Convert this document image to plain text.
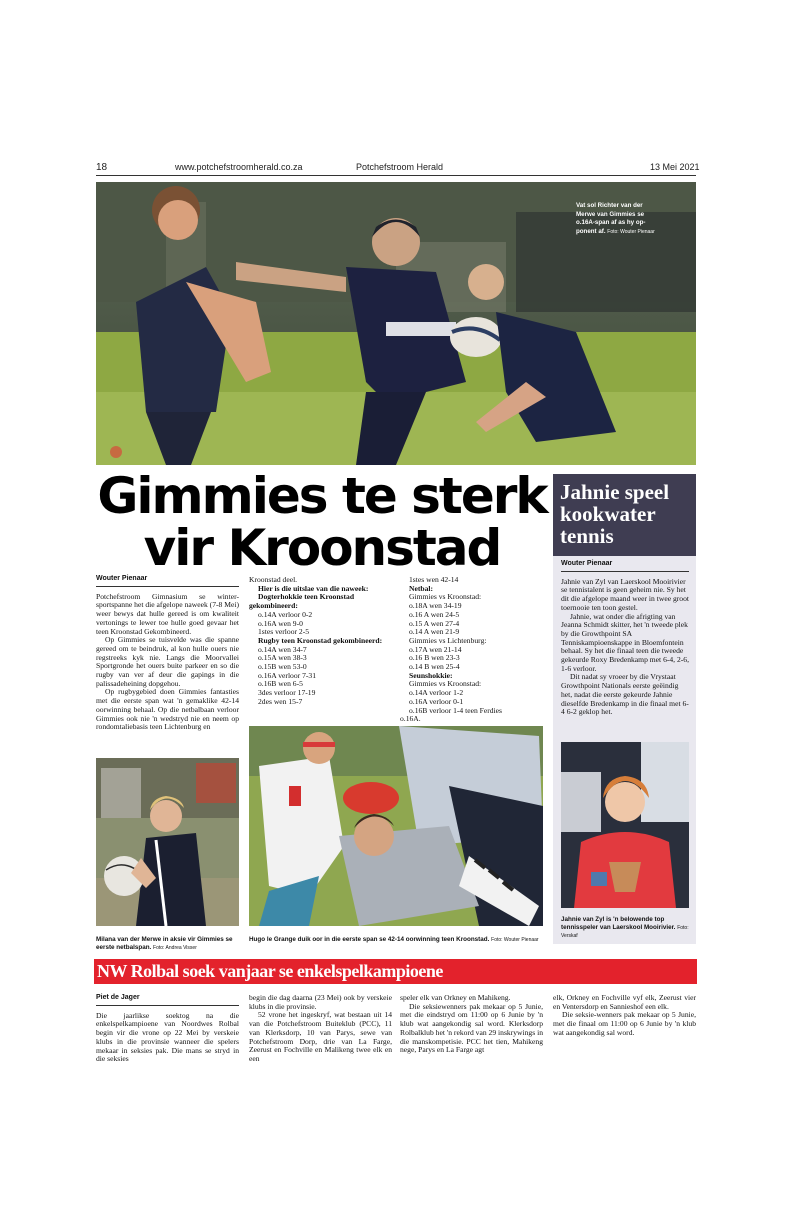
18	www.potchefstroomherald.co.za	Potchefstroom Herald	13 Mei 2021
Vat sol Richter van der
Merwe van Gimmies se
o.16A-span af as hy op-
ponent af. Foto: Wouter Pienaar
Gimmies te sterk
vir Kroonstad
Wouter Pienaar

Potchefstroom Gimnasium se winter-sportspanne het die afgelope naweek (7-8 Mei) weer bewys dat hulle gereed is om kwaliteit vertonings te lewer toe hulle goed gevaar het teen Kroonstad Gekombineerd.

Op Gimmies se tuisvelde was die spanne gereed om te beindruk, al kon hulle ouers nie regstreeks kyk nie. Langs die Moorvallei Sportgronde het ouers buite parkeer en so die rugby van ver af deur die gapings in die palissadeheining dopgehou.

Op rugbygebied doen Gimmies fantasties met die eerste span wat 'n gemaklike 42-14 oorwinning behaal. Op die netbalbaan verloor Gimmies ook nie 'n wedstryd nie en neem op rondomtaliebasis teen Lichtenburg en

Kroonstad deel.

Hier is die uitslae van die naweek:

Dogterhokkie teen Kroonstad gekombineerd:

o.14A verloor 0-2

o.16A wen 9-0

1stes verloor 2-5

Rugby teen Kroonstad gekombineerd:

o.14A wen 34-7

o.15A wen 38-3

o.15B wen 53-0

o.16A verloor 7-31

o.16B wen 6-5

3des verloor 17-19

2des wen 15-7

1stes wen 42-14

Netbal:

Gimmies vs Kroonstad:

o.18A wen 34-19

o.16 A wen 24-5

o.15 A wen 27-4

o.14 A wen 21-9

Gimmies vs Lichtenburg:

o.17A wen 21-14

o.16 B wen 23-3

o.14 B wen 25-4

Seunshokkie:

Gimmies vs Kroonstad:

o.14A verloor 1-2

o.16A verloor 0-1

o.16B verloor 1-4 teen Ferdies

o.16A.

Milana van der Merwe in aksie vir Gimmies se eerste netbalspan. Foto: Andrea Visser
Hugo le Grange duik oor in die eerste span se 42-14 oorwinning teen Kroonstad. Foto: Wouter Pienaar
Jahnie speel
kookwater
tennis
Wouter Pienaar

Jahnie van Zyl van Laerskool Mooirivier se tennistalent is geen geheim nie. Sy het dit die afgelope maand weer in twee groot toernooie ten toon gestel.

Jahnie, wat onder die afrigting van Jeanna Schmidt skitter, het 'n tweede plek by die Growthpoint SA Tenniskampioenskappe in Bloemfontein behaal. Sy het die finaal teen die tweede gekeurde Roxy Bredenkamp met 6-4, 2-6, 1-6 verloor.

Dit nadat sy vroeer by die Vrystaat Growthpoint Nationals eerste geëindig het, nadat die eerste gekeurde Jahnie dieselfde Bredenkamp in die finaal met 6-4 6-2 geklop het.

Jahnie van Zyl is 'n belowende top tennisspeler van Laerskool Mooirivier. Foto: Verskaf
NW Rolbal soek vanjaar se enkelspelkampioene
Piet de Jager

Die jaarlikse soektog na die enkelspelkampioene van Noordwes Rolbal begin vir die vrone op 22 Mei by verskeie klubs in die provinsie wanneer die spelers mekaar in seksies pak. Die mans se stryd in die seksies

begin die dag daarna (23 Mei) ook by verskeie klubs in die provinsie.

52 vrone het ingeskryf, wat bestaan uit 14 van die Potchefstroom Buiteklub (PCC), 11 van Klerksdorp, 10 van Parys, sewe van Potchefstroom Dorp, drie van La Farge, Zeerust en Fochville en Malikeng twee elk en een

speler elk van Orkney en Mahikeng.

Die seksiewenners pak mekaar op 5 Junie, met die eindstryd om 11:00 op 6 Junie by 'n klub wat aangekondig sal word. Klerksdorp Rolbalklub het 'n rekord van 29 inskrywings in die manskompetisie. PCC het tien, Mahikeng nege, Parys en La Farge agt

elk, Orkney en Fochville vyf elk, Zeerust vier en Ventersdorp en Sannieshof een elk.

Die seksie-wenners pak mekaar op 5 Junie, met die finaal om 11:00 op 6 Junie by 'n klub wat aangekondig sal word.
